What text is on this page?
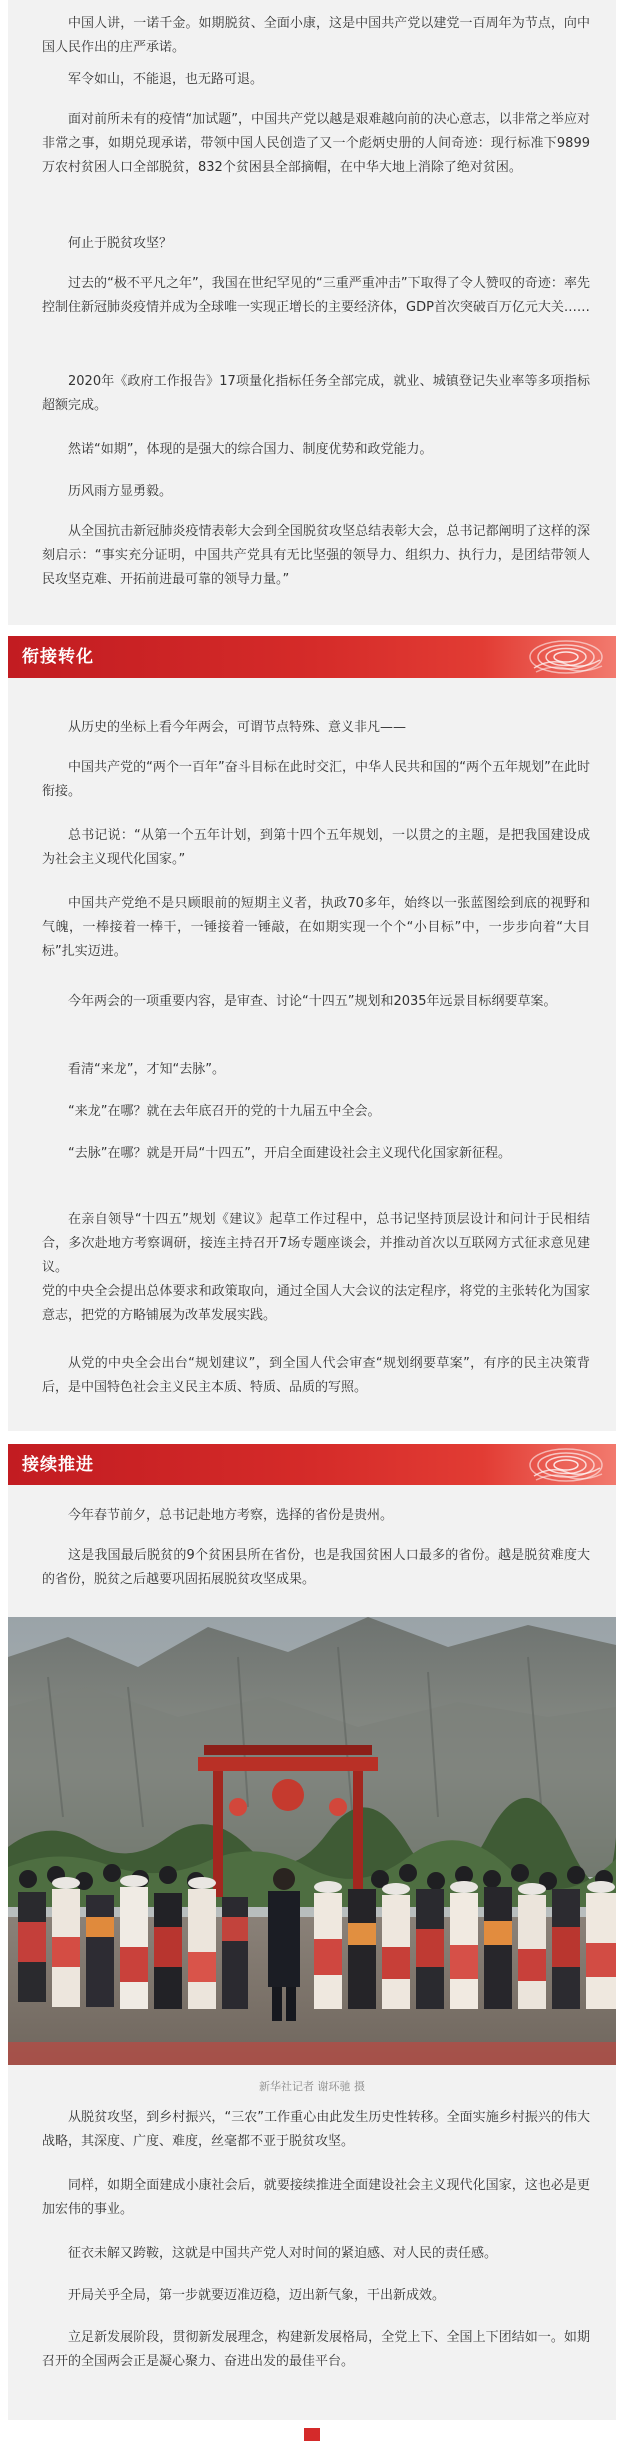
中国人讲，一诺千金。如期脱贫、全面小康，这是中国共产党以建党一百周年为节点，向中国人民作出的庄严承诺。

军令如山，不能退，也无路可退。

面对前所未有的疫情“加试题”，中国共产党以越是艰难越向前的决心意志，以非常之举应对非常之事，如期兑现承诺，带领中国人民创造了又一个彪炳史册的人间奇迹：现行标准下9899万农村贫困人口全部脱贫，832个贫困县全部摘帽，在中华大地上消除了绝对贫困。

何止于脱贫攻坚？

过去的“极不平凡之年”，我国在世纪罕见的“三重严重冲击”下取得了令人赞叹的奇迹：率先控制住新冠肺炎疫情并成为全球唯一实现正增长的主要经济体，GDP首次突破百万亿元大关……

2020年《政府工作报告》17项量化指标任务全部完成，就业、城镇登记失业率等多项指标超额完成。

然诺“如期”，体现的是强大的综合国力、制度优势和政党能力。

历风雨方显勇毅。

从全国抗击新冠肺炎疫情表彰大会到全国脱贫攻坚总结表彰大会，总书记都阐明了这样的深刻启示：“事实充分证明，中国共产党具有无比坚强的领导力、组织力、执行力，是团结带领人民攻坚克难、开拓前进最可靠的领导力量。”

衔接转化

从历史的坐标上看今年两会，可谓节点特殊、意义非凡——

中国共产党的“两个一百年”奋斗目标在此时交汇，中华人民共和国的“两个五年规划”在此时衔接。

总书记说：“从第一个五年计划，到第十四个五年规划，一以贯之的主题，是把我国建设成为社会主义现代化国家。”

中国共产党绝不是只顾眼前的短期主义者，执政70多年，始终以一张蓝图绘到底的视野和气魄，一棒接着一棒干，一锤接着一锤敲，在如期实现一个个“小目标”中，一步步向着“大目标”扎实迈进。

今年两会的一项重要内容，是审查、讨论“十四五”规划和2035年远景目标纲要草案。

看清“来龙”，才知“去脉”。

“来龙”在哪？就在去年底召开的党的十九届五中全会。

“去脉”在哪？就是开局“十四五”，开启全面建设社会主义现代化国家新征程。

在亲自领导“十四五”规划《建议》起草工作过程中，总书记坚持顶层设计和问计于民相结合，多次赴地方考察调研，接连主持召开7场专题座谈会，并推动首次以互联网方式征求意见建议。

党的中央全会提出总体要求和政策取向，通过全国人大会议的法定程序，将党的主张转化为国家意志，把党的方略铺展为改革发展实践。

从党的中央全会出台“规划建议”，到全国人代会审查“规划纲要草案”，有序的民主决策背后，是中国特色社会主义民主本质、特质、品质的写照。

接续推进

今年春节前夕，总书记赴地方考察，选择的省份是贵州。

这是我国最后脱贫的9个贫困县所在省份，也是我国贫困人口最多的省份。越是脱贫难度大的省份，脱贫之后越要巩固拓展脱贫攻坚成果。

新华社记者 谢环驰 摄

从脱贫攻坚，到乡村振兴，“三农”工作重心由此发生历史性转移。全面实施乡村振兴的伟大战略，其深度、广度、难度，丝毫都不亚于脱贫攻坚。

同样，如期全面建成小康社会后，就要接续推进全面建设社会主义现代化国家，这也必是更加宏伟的事业。

征衣未解又跨鞍，这就是中国共产党人对时间的紧迫感、对人民的责任感。

开局关乎全局，第一步就要迈准迈稳，迈出新气象，干出新成效。

立足新发展阶段，贯彻新发展理念，构建新发展格局，全党上下、全国上下团结如一。如期召开的全国两会正是凝心聚力、奋进出发的最佳平台。
